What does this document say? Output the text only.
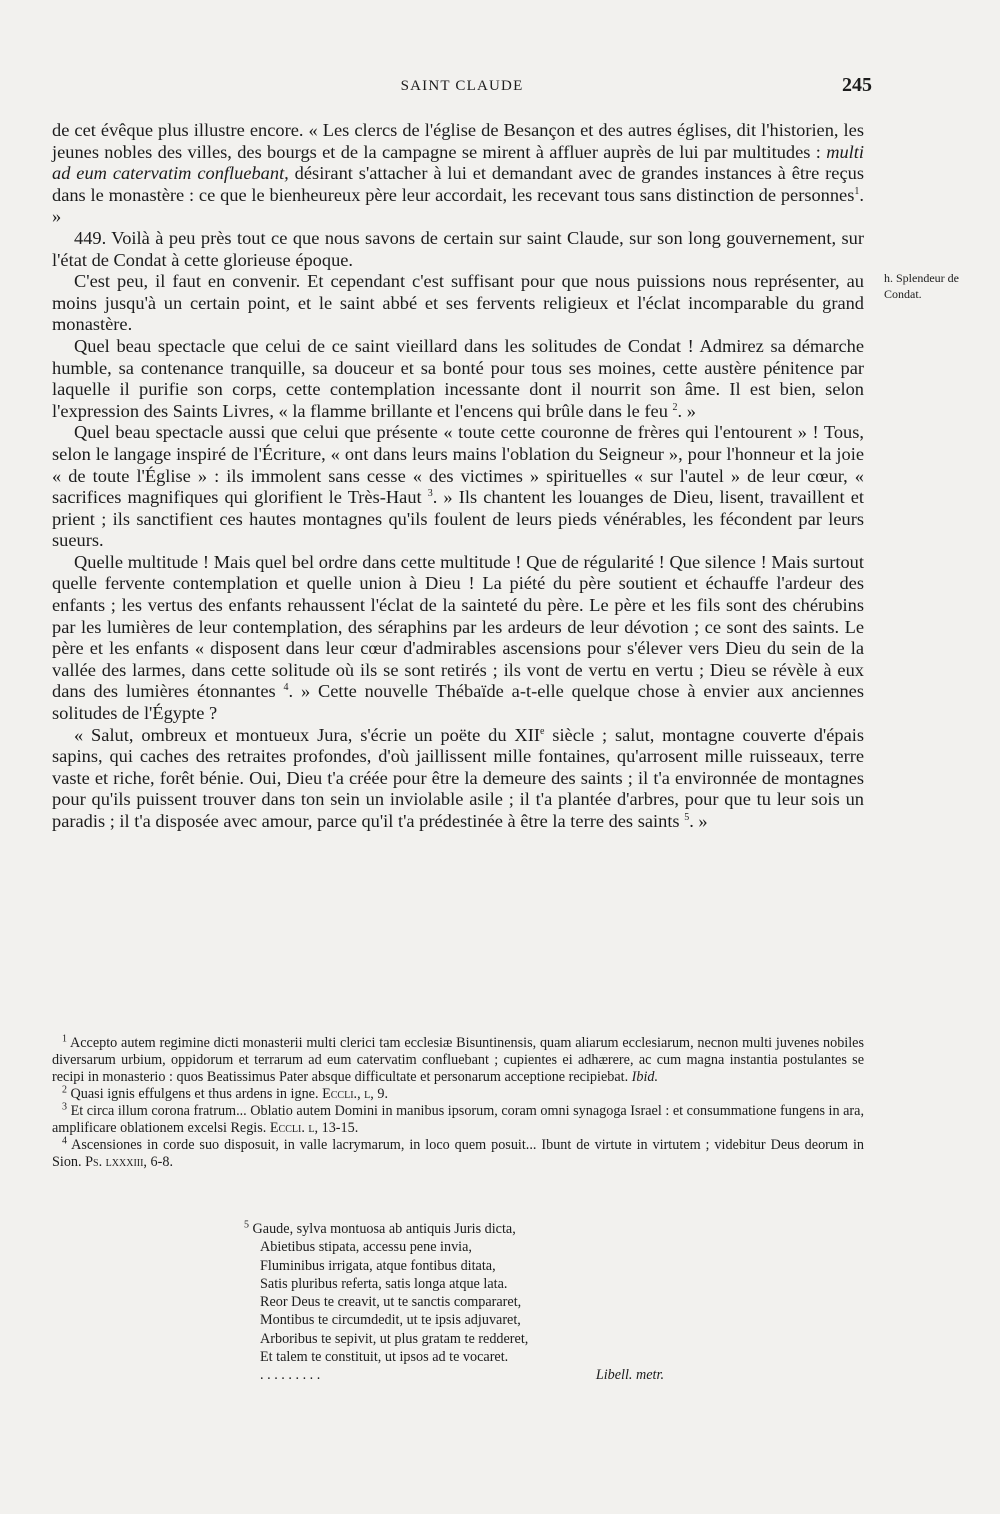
SAINT CLAUDE	245

de cet évêque plus illustre encore. « Les clercs de l'église de Besançon et des autres églises, dit l'historien, les jeunes nobles des villes, des bourgs et de la campagne se mirent à affluer auprès de lui par multitudes : multi ad eum catervatim confluebant, désirant s'attacher à lui et demandant avec de grandes instances à être reçus dans le monastère : ce que le bienheureux père leur accordait, les recevant tous sans distinction de personnes$^1$. »

449. Voilà à peu près tout ce que nous savons de certain sur saint Claude, sur son long gouvernement, sur l'état de Condat à cette glorieuse époque.

C'est peu, il faut en convenir. Et cependant c'est suffisant pour que nous puissions nous représenter, au moins jusqu'à un certain point, et le saint abbé et ses fervents religieux et l'éclat incomparable du grand monastère.

Quel beau spectacle que celui de ce saint vieillard dans les solitudes de Condat ! Admirez sa démarche humble, sa contenance tranquille, sa douceur et sa bonté pour tous ses moines, cette austère pénitence par laquelle il purifie son corps, cette contemplation incessante dont il nourrit son âme. Il est bien, selon l'expression des Saints Livres, « la flamme brillante et l'encens qui brûle dans le feu $^2$. »

Quel beau spectacle aussi que celui que présente « toute cette couronne de frères qui l'entourent » ! Tous, selon le langage inspiré de l'Écriture, « ont dans leurs mains l'oblation du Seigneur », pour l'honneur et la joie « de toute l'Église » : ils immolent sans cesse « des victimes » spirituelles « sur l'autel » de leur cœur, « sacrifices magnifiques qui glorifient le Très-Haut $^3$. » Ils chantent les louanges de Dieu, lisent, travaillent et prient ; ils sanctifient ces hautes montagnes qu'ils foulent de leurs pieds vénérables, les fécondent par leurs sueurs.

Quelle multitude ! Mais quel bel ordre dans cette multitude ! Que de régularité ! Que silence ! Mais surtout quelle fervente contemplation et quelle union à Dieu ! La piété du père soutient et échauffe l'ardeur des enfants ; les vertus des enfants rehaussent l'éclat de la sainteté du père. Le père et les fils sont des chérubins par les lumières de leur contemplation, des séraphins par les ardeurs de leur dévotion ; ce sont des saints. Le père et les enfants « disposent dans leur cœur d'admirables ascensions pour s'élever vers Dieu du sein de la vallée des larmes, dans cette solitude où ils se sont retirés ; ils vont de vertu en vertu ; Dieu se révèle à eux dans des lumières étonnantes $^4$. » Cette nouvelle Thébaïde a-t-elle quelque chose à envier aux anciennes solitudes de l'Égypte ?

« Salut, ombreux et montueux Jura, s'écrie un poëte du XIIe siècle ; salut, montagne couverte d'épais sapins, qui caches des retraites profondes, d'où jaillissent mille fontaines, qu'arrosent mille ruisseaux, terre vaste et riche, forêt bénie. Oui, Dieu t'a créée pour être la demeure des saints ; il t'a environnée de montagnes pour qu'ils puissent trouver dans ton sein un inviolable asile ; il t'a plantée d'arbres, pour que tu leur sois un paradis ; il t'a disposée avec amour, parce qu'il t'a prédestinée à être la terre des saints $^5$. »

h. Splendeur de Condat.

$^1$ Accepto autem regimine dicti monasterii multi clerici tam ecclesiæ Bisuntinensis, quam aliarum ecclesiarum, necnon multi juvenes nobiles diversarum urbium, oppidorum et terrarum ad eum catervatim confluebant ; cupientes ei adhærere, ac cum magna instantia postulantes se recipi in monasterio : quos Beatissimus Pater absque difficultate et personarum acceptione recipiebat. Ibid.

$^2$ Quasi ignis effulgens et thus ardens in igne. Eccli., l, 9.

$^3$ Et circa illum corona fratrum... Oblatio autem Domini in manibus ipsorum, coram omni synagoga Israel : et consummatione fungens in ara, amplificare oblationem excelsi Regis. Eccli. l, 13-15.

$^4$ Ascensiones in corde suo disposuit, in valle lacrymarum, in loco quem posuit... Ibunt de virtute in virtutem ; videbitur Deus deorum in Sion. Ps. lxxxiii, 6-8.

$^5$ Gaude, sylva montuosa ab antiquis Juris dicta,
Abietibus stipata, accessu pene invia,
Fluminibus irrigata, atque fontibus ditata,
Satis pluribus referta, satis longa atque lata.
Reor Deus te creavit, ut te sanctis compararet,
Montibus te circumdedit, ut te ipsis adjuvaret,
Arboribus te sepivit, ut plus gratam te redderet,
Et talem te constituit, ut ipsos ad te vocaret.
. . . . . . . . .	Libell. metr.
